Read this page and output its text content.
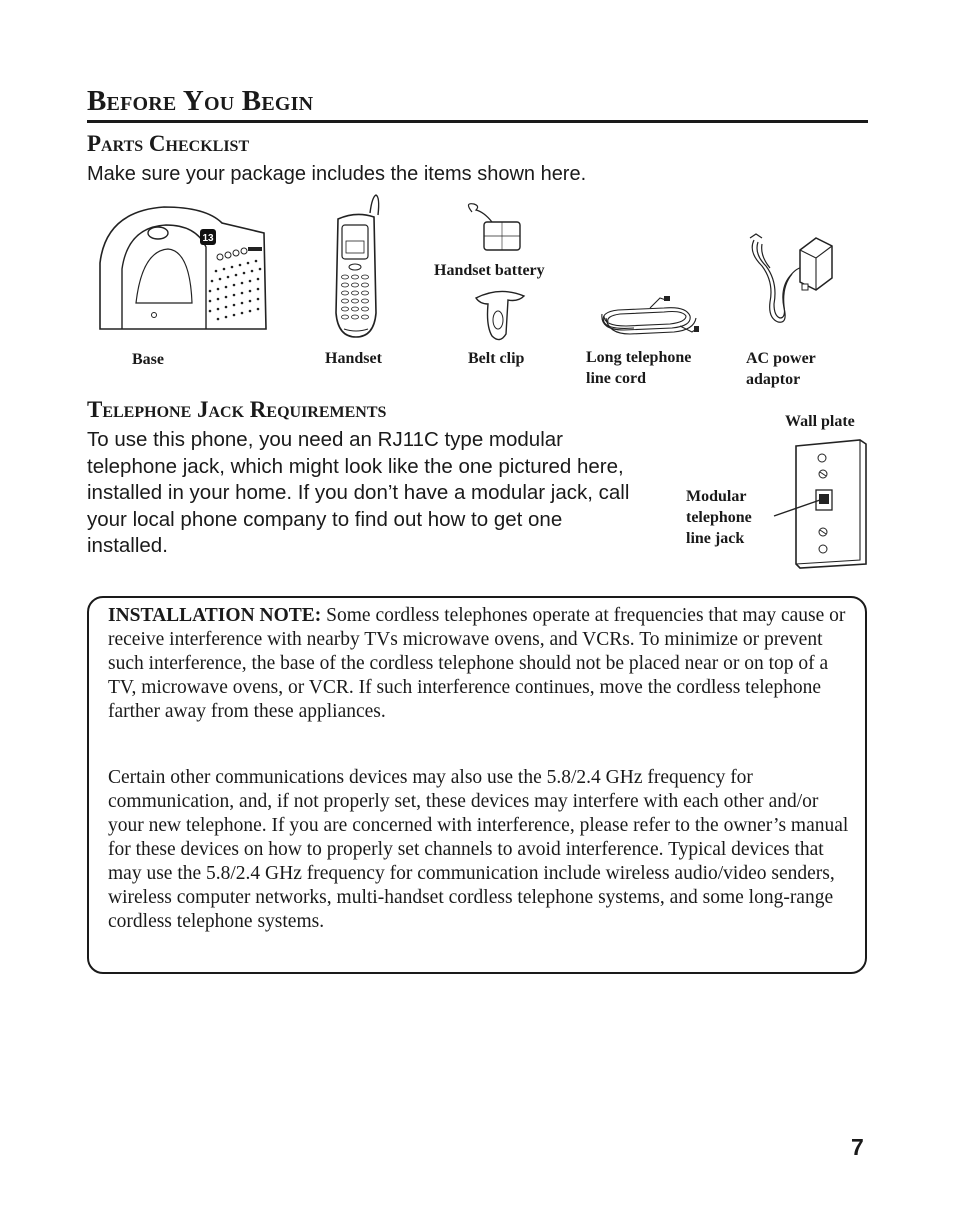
Before You Begin
Parts Checklist

Make sure your package includes the items shown here.

13

Base	Handset

Handset battery

Belt clip	Long telephone
line cord

AC power
adaptor

Telephone Jack Requirements

To use this phone, you need an RJ11C type modular telephone jack, which might look like the one pictured here, installed in your home. If you don’t have a modular jack, call your local phone company to find out how to get one installed.

Wall plate

Modular
telephone
line jack

INSTALLATION NOTE: Some cordless telephones operate at frequencies that may cause or receive interference with nearby TVs microwave ovens, and VCRs. To minimize or prevent such interference, the base of the cordless telephone should not be placed near or on top of a TV, microwave ovens, or VCR. If such interference continues, move the cordless telephone farther away from these appliances.

Certain other communications devices may also use the 5.8/2.4 GHz frequency for communication, and, if not properly set, these devices may interfere with each other and/or your new telephone. If you are concerned with interference, please refer to the owner’s manual for these devices on how to properly set channels to avoid interference. Typical devices that may use the 5.8/2.4 GHz frequency for communication include wireless audio/video senders, wireless computer networks, multi-handset cordless telephone systems, and some long-range cordless telephone systems.

7
